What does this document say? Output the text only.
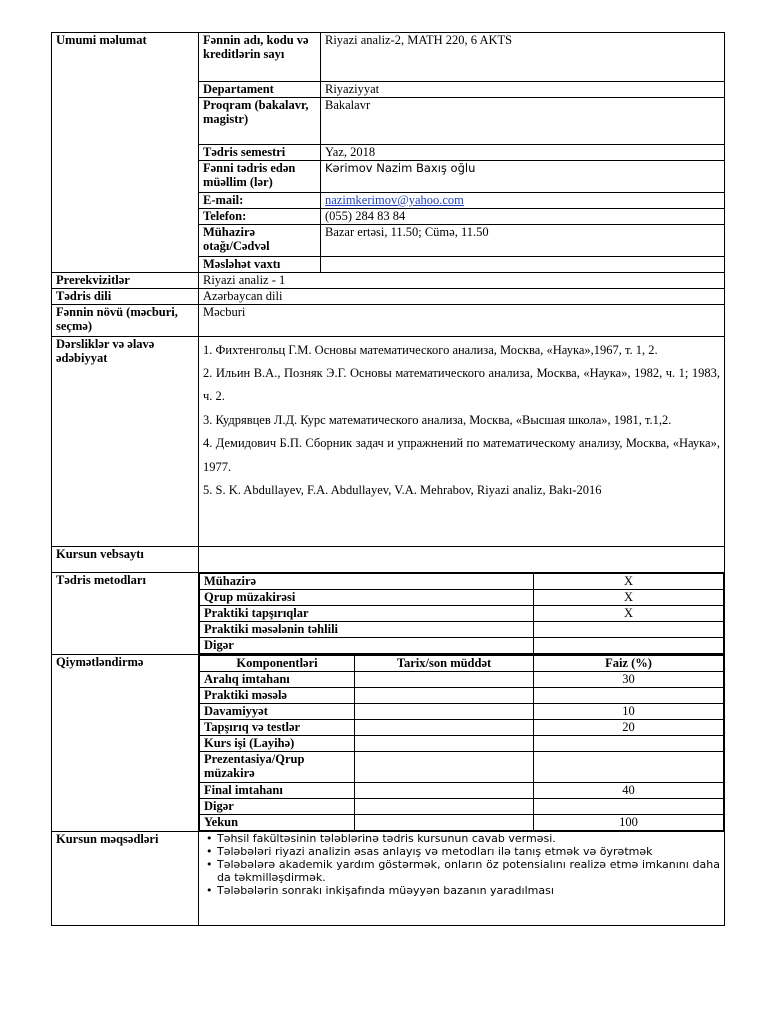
Umumi məlumat	Fənnin adı, kodu və kreditlərin sayı	Riyazi analiz-2, MATH 220, 6 AKTS
Departament	Riyaziyyat
Proqram (bakalavr, magistr)	Bakalavr
Tədris semestri	Yaz, 2018
Fənni tədris edən müəllim (lər)	Kərimov Nazim Baxış oğlu
E-mail:	nazimkerimov@yahoo.com
Telefon:	(055) 284 83 84
Mühazirə otağı/Cədvəl	Bazar ertəsi, 11.50; Cümə, 11.50
Məsləhət vaxtı	
Prerekvizitlər	Riyazi analiz - 1
Tədris dili	Azərbaycan dili
Fənnin növü (məcburi, seçmə)	Məcburi
Dərsliklər və əlavə ədəbiyyat	

1. Фихтенгольц Г.М. Основы математического анализа, Москва, «Наука»,1967, т. 1, 2.

2. Ильин В.А., Позняк Э.Г. Основы математического анализа, Москва, «Наука», 1982, ч. 1; 1983, ч. 2.

3. Кудрявцев Л.Д. Курс математического анализа, Москва, «Высшая школа», 1981, т.1,2.

4. Демидович Б.П. Сборник задач и упражнений по математическому анализу, Москва, «Наука», 1977.

5. S. K. Abdullayev, F.A. Abdullayev, V.A. Mehrabov, Riyazi analiz, Bakı-2016

Kursun vebsaytı	
Tədris metodları		Mühazirə	X
Qrup müzakirəsi	X
Praktiki tapşırıqlar	X
Praktiki məsələnin təhlili	
Digər	

Qiymətləndirmə		Komponentləri	Tarix/son müddət	Faiz (%)
Aralıq imtahanı		30
Praktiki məsələ		
Davamiyyət		10
Tapşırıq və testlər		20
Kurs işi (Layihə)		
Prezentasiya/Qrup müzakirə		
Final imtahanı		40
Digər		
Yekun		100

Kursun məqsədləri	
•Təhsil fakültəsinin tələblərinə tədris kursunun cavab verməsi.
• Tələbələri riyazi analizin əsas anlayış və metodları ilə tanış etmək və öyrətmək
• Tələbələrə akademik yardım göstərmək, onların öz potensialını realizə etmə imkanını daha da təkmilləşdirmək.
• Tələbələrin sonrakı inkişafında müəyyən bazanın yaradılması
